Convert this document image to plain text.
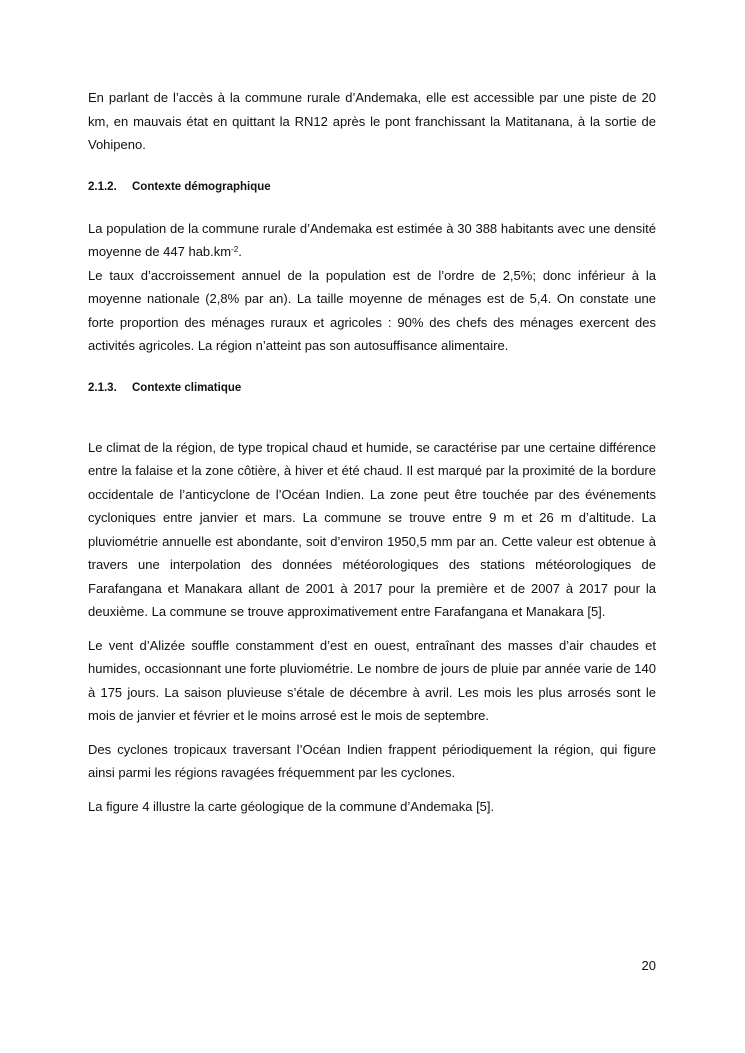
En parlant de l’accès à la commune rurale d’Andemaka, elle est accessible par une piste de 20 km, en mauvais état en quittant la RN12 après le pont franchissant la Matitanana, à la sortie de Vohipeno.

2.1.2.	Contexte démographique

La population de la commune rurale d’Andemaka est estimée à 30 388 habitants avec une densité moyenne de 447 $hab.km^{-2}$.

Le taux d’accroissement annuel de la population est de l’ordre de 2,5%; donc inférieur à la moyenne nationale (2,8% par an). La taille moyenne de ménages est de 5,4. On constate une forte proportion des ménages ruraux et agricoles : 90% des chefs des ménages exercent des activités agricoles. La région n’atteint pas son autosuffisance alimentaire.

2.1.3.	Contexte climatique

Le climat de la région, de type tropical chaud et humide, se caractérise par une certaine différence entre la falaise et la zone côtière, à hiver et été chaud. Il est marqué par la proximité de la bordure occidentale de l’anticyclone de l’Océan Indien. La zone peut être touchée par des événements cycloniques entre janvier et mars. La commune se trouve entre 9 m et 26 m d’altitude. La pluviométrie annuelle est abondante, soit d’environ 1950,5 mm par an. Cette valeur est obtenue à travers une interpolation des données météorologiques des stations météorologiques de Farafangana et Manakara allant de 2001 à 2017 pour la première et de 2007 à 2017 pour la deuxième. La commune se trouve approximativement entre Farafangana et Manakara [5].

Le vent d’Alizée souffle constamment d’est en ouest, entraînant des masses d’air chaudes et humides, occasionnant une forte pluviométrie. Le nombre de jours de pluie par année varie de 140 à 175 jours. La saison pluvieuse s’étale de décembre à avril. Les mois les plus arrosés sont le mois de janvier et février et le moins arrosé est le mois de septembre.

Des cyclones tropicaux traversant l’Océan Indien frappent périodiquement la région, qui figure ainsi parmi les régions ravagées fréquemment par les cyclones.

La figure 4 illustre la carte géologique de la commune d’Andemaka [5].

20
